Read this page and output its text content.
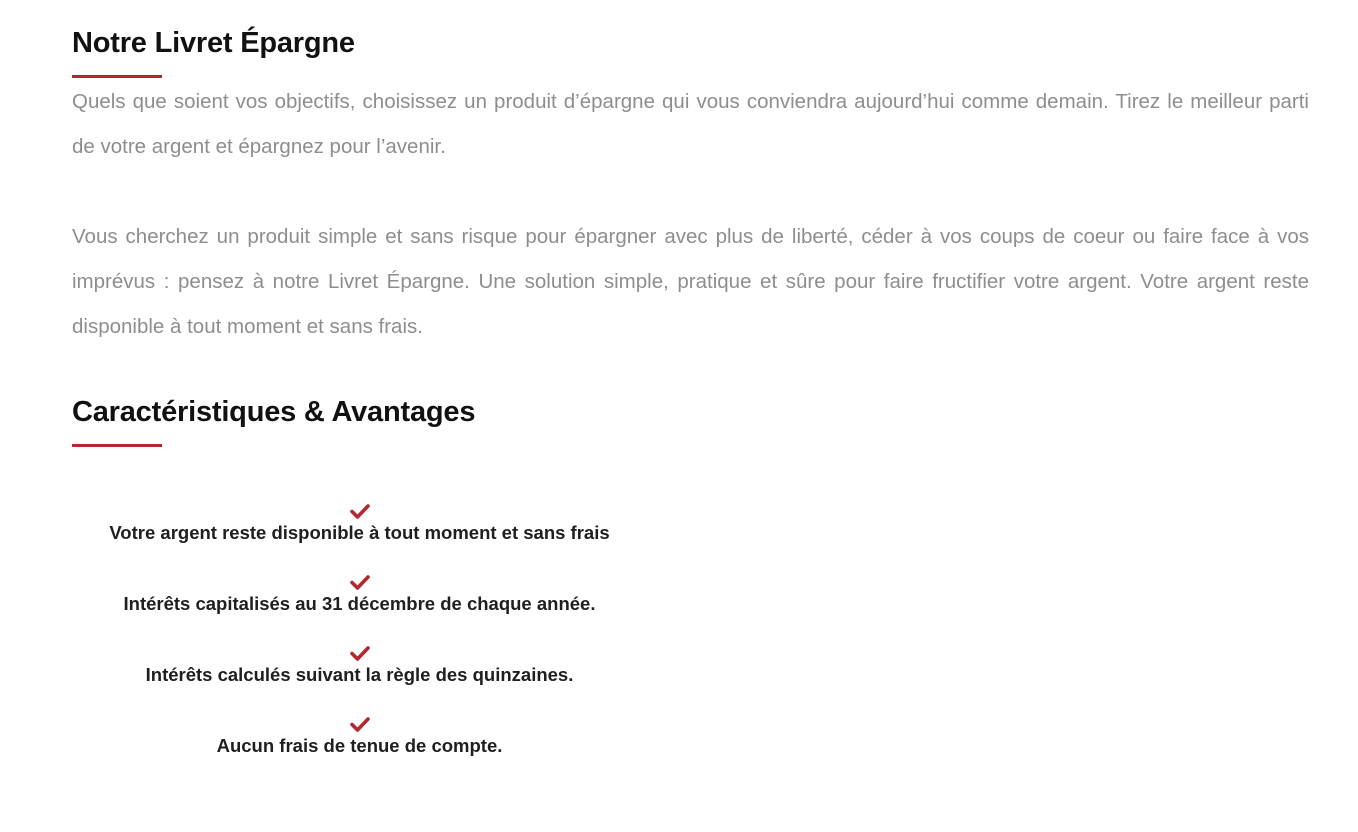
Notre Livret Épargne

Quels que soient vos objectifs, choisissez un produit d’épargne qui vous conviendra aujourd’hui comme demain. Tirez le meilleur parti de votre argent et épargnez pour l’avenir.

Vous cherchez un produit simple et sans risque pour épargner avec plus de liberté, céder à vos coups de coeur ou faire face à vos imprévus : pensez à notre Livret Épargne. Une solution simple, pratique et sûre pour faire fructifier votre argent. Votre argent reste disponible à tout moment et sans frais.

Caractéristiques & Avantages
Votre argent reste disponible à tout moment et sans frais
Intérêts capitalisés au 31 décembre de chaque année.
Intérêts calculés suivant la règle des quinzaines.
Aucun frais de tenue de compte.
